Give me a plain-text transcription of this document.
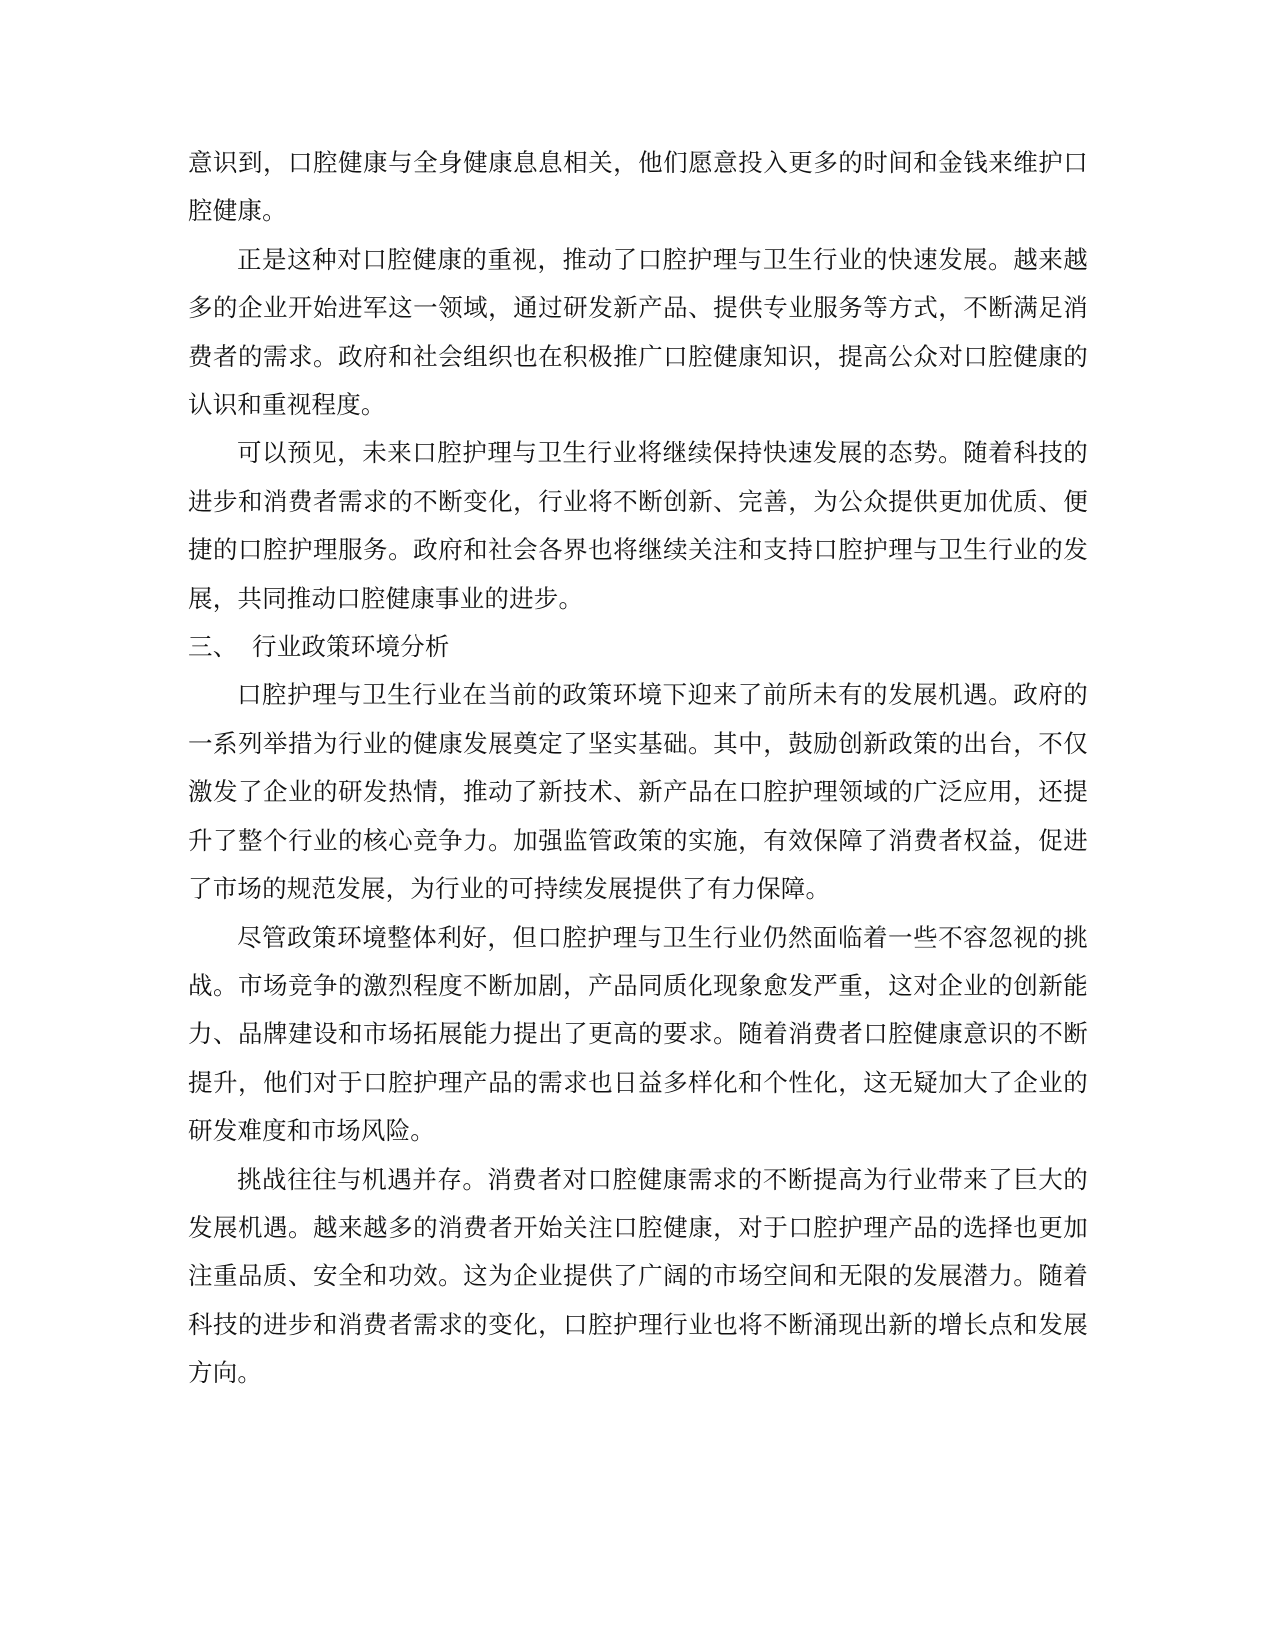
意识到，口腔健康与全身健康息息相关，他们愿意投入更多的时间和金钱来维护口腔健康。

正是这种对口腔健康的重视，推动了口腔护理与卫生行业的快速发展。越来越多的企业开始进军这一领域，通过研发新产品、提供专业服务等方式，不断满足消费者的需求。政府和社会组织也在积极推广口腔健康知识，提高公众对口腔健康的认识和重视程度。

可以预见，未来口腔护理与卫生行业将继续保持快速发展的态势。随着科技的进步和消费者需求的不断变化，行业将不断创新、完善，为公众提供更加优质、便捷的口腔护理服务。政府和社会各界也将继续关注和支持口腔护理与卫生行业的发展，共同推动口腔健康事业的进步。

三、 行业政策环境分析

口腔护理与卫生行业在当前的政策环境下迎来了前所未有的发展机遇。政府的一系列举措为行业的健康发展奠定了坚实基础。其中，鼓励创新政策的出台，不仅激发了企业的研发热情，推动了新技术、新产品在口腔护理领域的广泛应用，还提升了整个行业的核心竞争力。加强监管政策的实施，有效保障了消费者权益，促进了市场的规范发展，为行业的可持续发展提供了有力保障。

尽管政策环境整体利好，但口腔护理与卫生行业仍然面临着一些不容忽视的挑战。市场竞争的激烈程度不断加剧，产品同质化现象愈发严重，这对企业的创新能力、品牌建设和市场拓展能力提出了更高的要求。随着消费者口腔健康意识的不断提升，他们对于口腔护理产品的需求也日益多样化和个性化，这无疑加大了企业的研发难度和市场风险。

挑战往往与机遇并存。消费者对口腔健康需求的不断提高为行业带来了巨大的发展机遇。越来越多的消费者开始关注口腔健康，对于口腔护理产品的选择也更加注重品质、安全和功效。这为企业提供了广阔的市场空间和无限的发展潜力。随着科技的进步和消费者需求的变化，口腔护理行业也将不断涌现出新的增长点和发展方向。
